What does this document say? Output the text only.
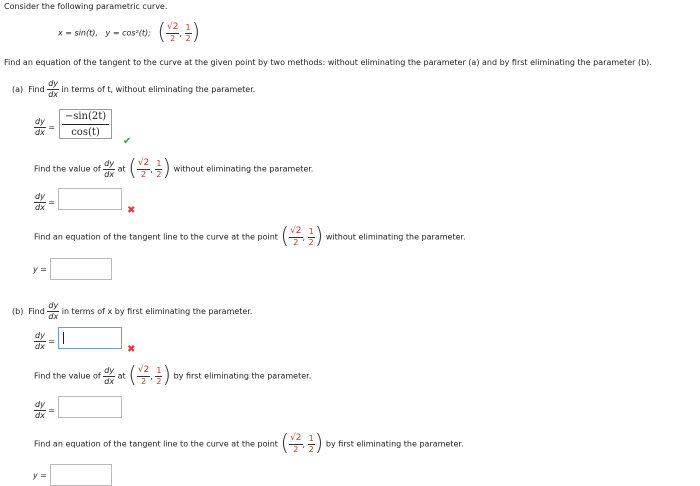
Consider the following parametric curve.
x = sin(t), y = cos²(t); ( $\frac{√2}{2}$ , $\frac{1}{2}$ )
Find an equation of the tangent to the curve at the given point by two methods: without eliminating the parameter (a) and by first eliminating the parameter (b).
(a) Find $\frac{dy}{dx}$ in terms of t, without eliminating the parameter.
$\frac{dy}{dx}$ =
−sin(2t)
cos(t)
✔
Find the value of $\frac{dy}{dx}$ at ( $\frac{√2}{2}$ , $\frac{1}{2}$ ) without eliminating the parameter.
$\frac{dy}{dx}$ =
✖
Find an equation of the tangent line to the curve at the point ( $\frac{√2}{2}$ , $\frac{1}{2}$ ) without eliminating the parameter.
y =
(b) Find $\frac{dy}{dx}$ in terms of x by first eliminating the parameter.
$\frac{dy}{dx}$ =
✖
Find the value of $\frac{dy}{dx}$ at ( $\frac{√2}{2}$ , $\frac{1}{2}$ ) by first eliminating the parameter.
$\frac{dy}{dx}$ =
Find an equation of the tangent line to the curve at the point ( $\frac{√2}{2}$ , $\frac{1}{2}$ ) by first eliminating the parameter.
y =
